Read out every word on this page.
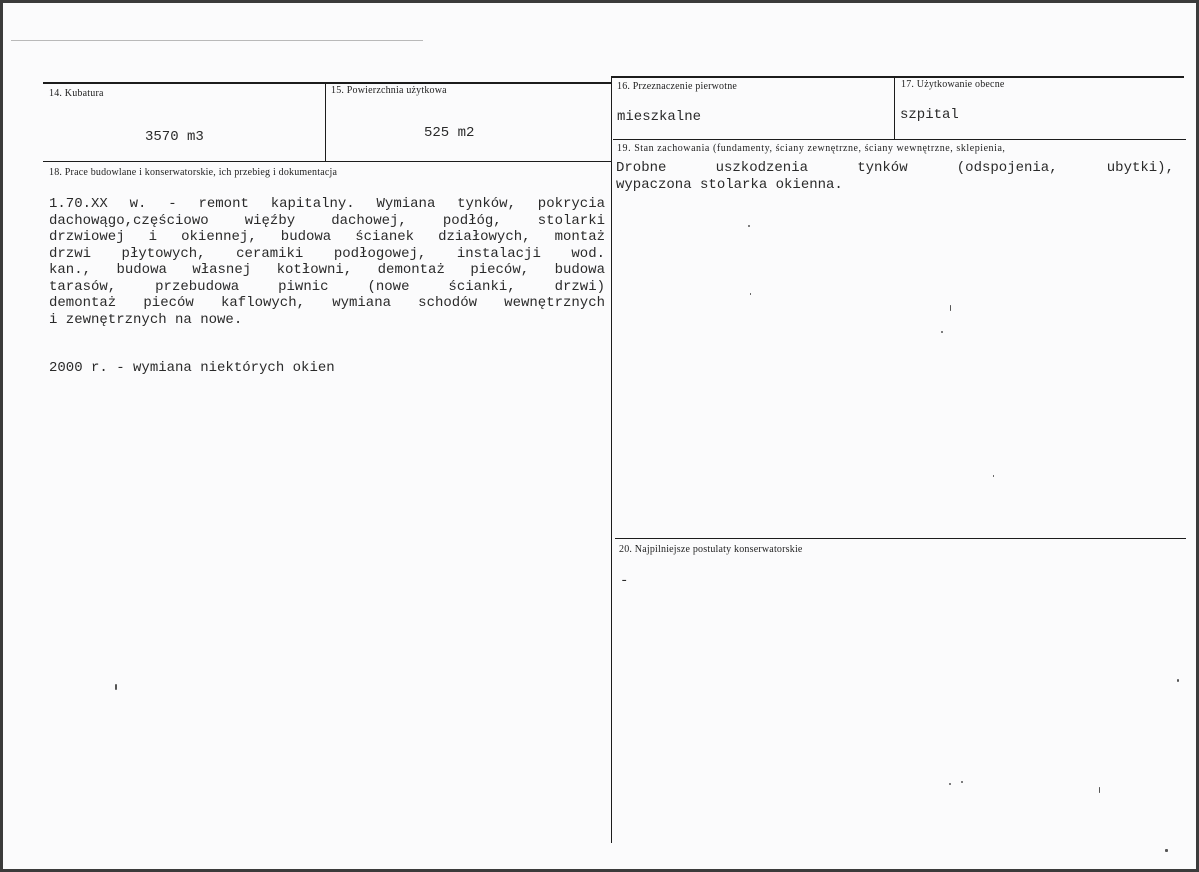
14. Kubatura
3570 m3
15. Powierzchnia użytkowa
525 m2
16. Przeznaczenie pierwotne
mieszkalne
17. Użytkowanie obecne
szpital
18. Prace budowlane i konserwatorskie, ich przebieg i dokumentacja
1.70.XX w. - remont kapitalny. Wymiana tynków, pokrycia
dachowągo,częściowo więźby dachowej, podłóg, stolarki
drzwiowej i okiennej, budowa ścianek działowych, montaż
drzwi płytowych, ceramiki podłogowej, instalacji wod.
kan., budowa własnej kotłowni, demontaż pieców, budowa
tarasów, przebudowa piwnic (nowe ścianki, drzwi)
demontaż pieców kaflowych, wymiana schodów wewnętrznych
i zewnętrznych na nowe.
2000 r. - wymiana niektórych okien
19. Stan zachowania (fundamenty, ściany zewnętrzne, ściany wewnętrzne, sklepienia,
Drobne uszkodzenia tynków (odspojenia, ubytki),
wypaczona stolarka okienna.
20. Najpilniejsze postulaty konserwatorskie
-
